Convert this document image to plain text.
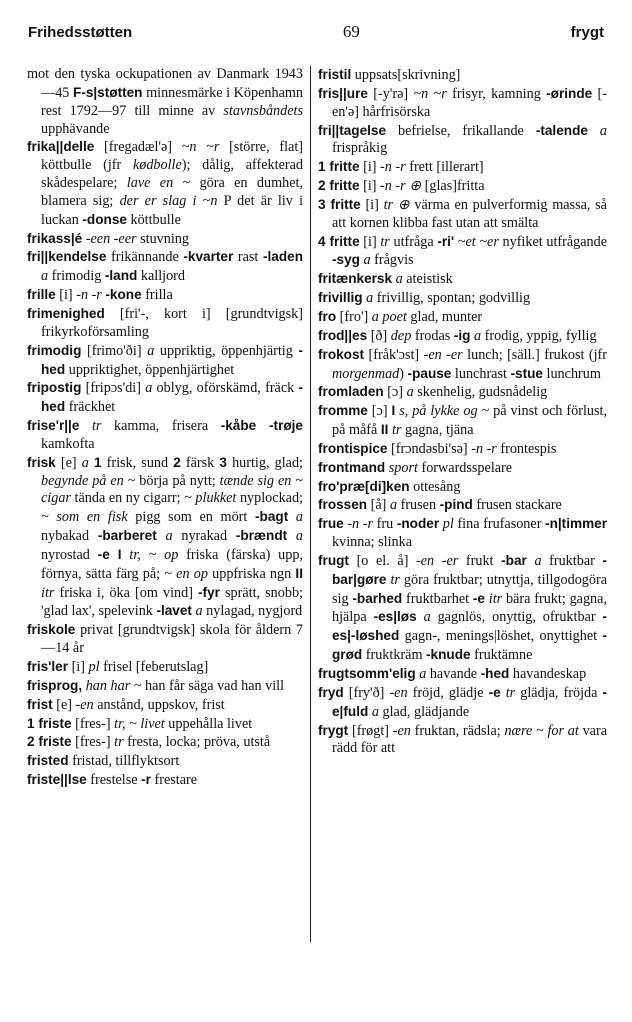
Frihedsstøtten	69	frygt

mot den tyska ockupationen av Danmark 1943—45 F-s|støtten minnesmärke i Köpenhamn rest 1792—97 till minne av stavnsbåndets upphävande

frika||delle [fregadæl'ə] ~n ~r [större, flat] köttbulle (jfr kødbolle); dålig, affekterad skådespelare; lave en ~ göra en dumhet, blamera sig; der er slag i ~n P det är liv i luckan -donse köttbulle

frikass|é -een -eer stuvning

fri||kendelse frikännande -kvarter rast -laden a frimodig -land kalljord

frille [i] -n -r -kone frilla

frimenighed [fri'-, kort i] [grundtvigsk] frikyrkoförsamling

frimodig [frimo'ði] a uppriktig, öppenhjärtig -hed uppriktighet, öppenhjärtighet

fripostig [fripɔs'di] a oblyg, oförskämd, fräck -hed fräckhet

frise'r||e tr kamma, frisera -kåbe -trøje kamkofta

frisk [e] a 1 frisk, sund 2 färsk 3 hurtig, glad; begynde på en ~ börja på nytt; tænde sig en ~ cigar tända en ny cigarr; ~ plukket nyplockad; ~ som en fisk pigg som en mört -bagt a nybakad -barberet a nyrakad -brændt a nyrostad -e I tr, ~ op friska (färska) upp, förnya, sätta färg på; ~ en op uppfriska ngn II itr friska i, öka [om vind] -fyr sprätt, snobb; 'glad lax', spelevink -lavet a nylagad, nygjord

friskole privat [grundtvigsk] skola för åldern 7—14 år

fris'ler [i] pl frisel [feberutslag]

frisprog, han har ~ han får säga vad han vill

frist [e] -en anstånd, uppskov, frist

1 friste [fres-] tr, ~ livet uppehålla livet

2 friste [fres-] tr fresta, locka; pröva, utstå

fristed fristad, tillflyktsort

friste||lse frestelse -r frestare

fristil uppsats[skrivning]

fris||ure [-y'rə] ~n ~r frisyr, kamning -ørinde [-en'ə] hårfrisörska

fri||tagelse befrielse, frikallande -talende a frispråkig

1 fritte [i] -n -r frett [illerart]

2 fritte [i] -n -r ⊕ [glas]fritta

3 fritte [i] tr ⊕ värma en pulverformig massa, så att kornen klibba fast utan att smälta

4 fritte [i] tr utfråga -ri' ~et ~er nyfiket utfrågande -syg a frågvis

fritænkersk a ateistisk

frivillig a frivillig, spontan; godvillig

fro [fro'] a poet glad, munter

frod||es [ð] dep frodas -ig a frodig, yppig, fyllig

frokost [fråk'ɔst] -en -er lunch; [säll.] frukost (jfr morgenmad) -pause lunchrast -stue lunchrum

fromladen [ɔ] a skenhelig, gudsnådelig

fromme [ɔ] I s, på lykke og ~ på vinst och förlust, på måfå II tr gagna, tjäna

frontispice [frɔndəsbi'sə] -n -r frontespis

frontmand sport forwardsspelare

fro'præ[di]ken ottesång

frossen [å] a frusen -pind frusen stackare

frue -n -r fru -noder pl fina frufasoner -n|timmer kvinna; slinka

frugt [o el. å] -en -er frukt -bar a fruktbar -bar|gøre tr göra fruktbar; utnyttja, tillgodogöra sig -barhed fruktbarhet -e itr bära frukt; gagna, hjälpa -es|løs a gagnlös, onyttig, ofruktbar -es|-løshed gagn-, menings|löshet, onyttighet -grød fruktkräm -knude fruktämne

frugtsomm'elig a havande -hed havandeskap

fryd [fry'ð] -en fröjd, glädje -e tr glädja, fröjda -e|fuld a glad, glädjande

frygt [frøgt] -en fruktan, rädsla; nære ~ for at vara rädd för att
